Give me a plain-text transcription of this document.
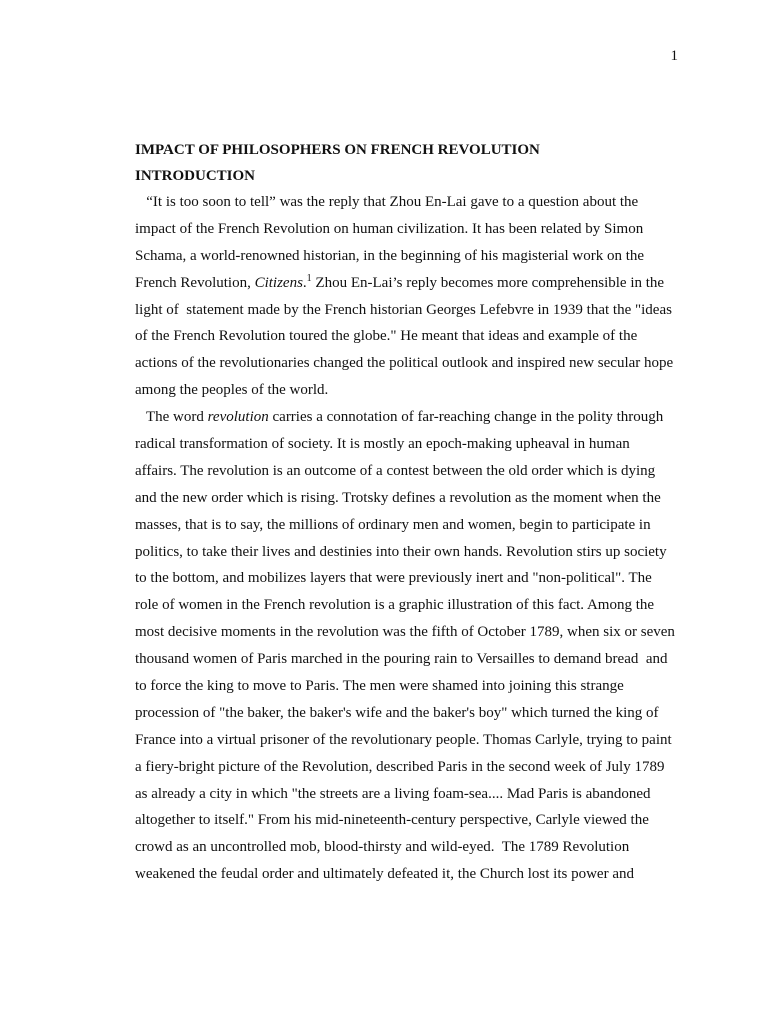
1
IMPACT OF PHILOSOPHERS ON FRENCH REVOLUTION
INTRODUCTION
“It is too soon to tell” was the reply that Zhou En-Lai gave to a question about the
impact of the French Revolution on human civilization. It has been related by Simon
Schama, a world-renowned historian, in the beginning of his magisterial work on the
French Revolution, Citizens.$^1$ Zhou En-Lai’s reply becomes more comprehensible in the
light of  statement made by the French historian Georges Lefebvre in 1939 that the "ideas
of the French Revolution toured the globe." He meant that ideas and example of the
actions of the revolutionaries changed the political outlook and inspired new secular hope
among the peoples of the world.
The word revolution carries a connotation of far-reaching change in the polity through
radical transformation of society. It is mostly an epoch-making upheaval in human
affairs. The revolution is an outcome of a contest between the old order which is dying
and the new order which is rising. Trotsky defines a revolution as the moment when the
masses, that is to say, the millions of ordinary men and women, begin to participate in
politics, to take their lives and destinies into their own hands. Revolution stirs up society
to the bottom, and mobilizes layers that were previously inert and "non-political". The
role of women in the French revolution is a graphic illustration of this fact. Among the
most decisive moments in the revolution was the fifth of October 1789, when six or seven
thousand women of Paris marched in the pouring rain to Versailles to demand bread  and
to force the king to move to Paris. The men were shamed into joining this strange
procession of "the baker, the baker's wife and the baker's boy" which turned the king of
France into a virtual prisoner of the revolutionary people. Thomas Carlyle, trying to paint
a fiery-bright picture of the Revolution, described Paris in the second week of July 1789
as already a city in which "the streets are a living foam-sea.... Mad Paris is abandoned
altogether to itself." From his mid-nineteenth-century perspective, Carlyle viewed the
crowd as an uncontrolled mob, blood-thirsty and wild-eyed.  The 1789 Revolution
weakened the feudal order and ultimately defeated it, the Church lost its power and
